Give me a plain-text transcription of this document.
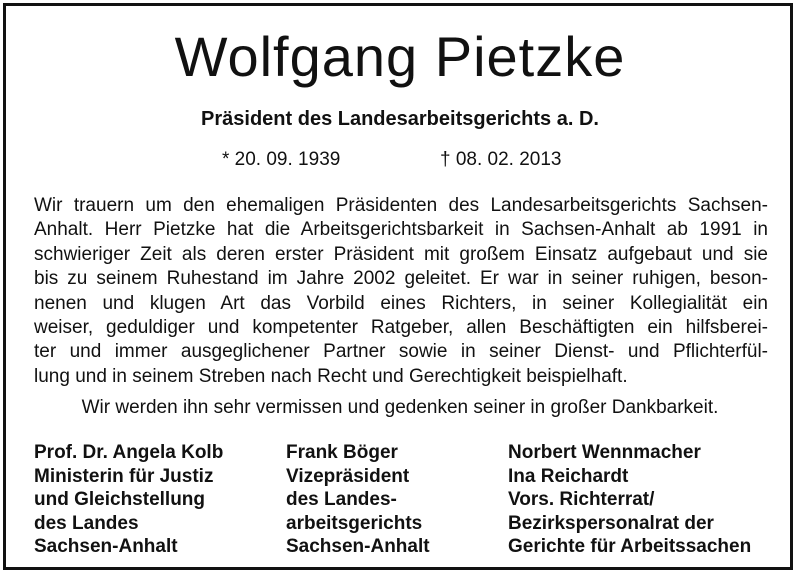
Wolfgang Pietzke
Präsident des Landesarbeitsgerichts a. D.
* 20. 09. 1939	† 08. 02. 2013
Wir trauern um den ehemaligen Präsidenten des Landesarbeitsgerichts Sachsen-
Anhalt. Herr Pietzke hat die Arbeitsgerichtsbarkeit in Sachsen-Anhalt ab 1991 in
schwieriger Zeit als deren erster Präsident mit großem Einsatz aufgebaut und sie
bis zu seinem Ruhestand im Jahre 2002 geleitet. Er war in seiner ruhigen, beson-
nenen und klugen Art das Vorbild eines Richters, in seiner Kollegialität ein
weiser, geduldiger und kompetenter Ratgeber, allen Beschäftigten ein hilfsberei-
ter und immer ausgeglichener Partner sowie in seiner Dienst- und Pflichterfül-
lung und in seinem Streben nach Recht und Gerechtigkeit beispielhaft.
Wir werden ihn sehr vermissen und gedenken seiner in großer Dankbarkeit.
Prof. Dr. Angela Kolb
Ministerin für Justiz
und Gleichstellung
des Landes
Sachsen-Anhalt
Frank Böger
Vizepräsident
des Landes-
arbeitsgerichts
Sachsen-Anhalt
Norbert Wennmacher
Ina Reichardt
Vors. Richterrat/
Bezirkspersonalrat der
Gerichte für Arbeitssachen
